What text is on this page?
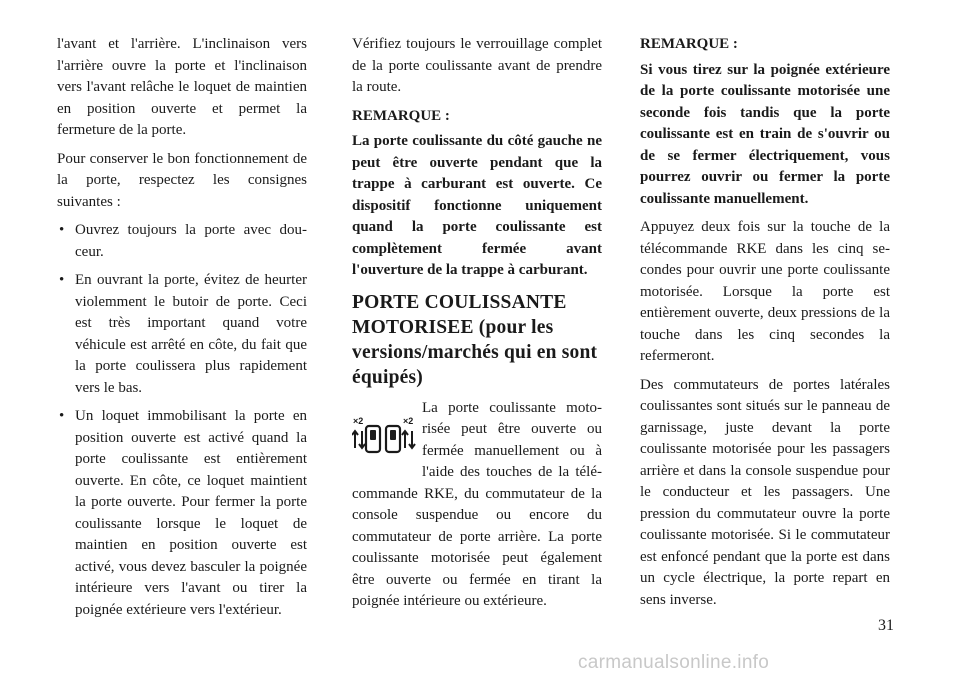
l'avant et l'arrière. L'inclinaison vers l'arrière ouvre la porte et l'inclinaison vers l'avant relâche le loquet de maintien en position ouverte et permet la fermeture de la porte.

Pour conserver le bon fonctionnement de la porte, respectez les consignes suivantes :

• Ouvrez toujours la porte avec douceur.
• En ouvrant la porte, évitez de heurter violemment le butoir de porte. Ceci est très important quand votre véhicule est arrêté en côte, du fait que la porte coulissera plus rapidement vers le bas.
• Un loquet immobilisant la porte en position ouverte est activé quand la porte coulissante est entièrement ouverte. En côte, ce loquet maintient la porte ouverte. Pour fermer la porte coulissante lorsque le loquet de maintien en position ouverte est activé, vous devez basculer la poignée intérieure vers l'avant ou tirer la poignée extérieure vers l'extérieur.

Vérifiez toujours le verrouillage complet de la porte coulissante avant de prendre la route.

REMARQUE :

La porte coulissante du côté gauche ne peut être ouverte pendant que la trappe à carburant est ouverte. Ce dispositif fonctionne uniquement quand la porte coulissante est complètement fermée avant l'ouverture de la trappe à carburant.

PORTE COULISSANTE MOTORISEE (pour les versions/marchés qui en sont équipés)
×2	×2

La porte coulissante motorisée peut être ouverte ou fermée manuellement ou à l'aide des touches de la télécommande RKE, du commutateur de la console suspendue ou encore du commutateur de porte arrière. La porte coulissante motorisée peut également être ouverte ou fermée en tirant la poignée intérieure ou extérieure.

REMARQUE :

Si vous tirez sur la poignée extérieure de la porte coulissante motorisée une seconde fois tandis que la porte coulissante est en train de s'ouvrir ou de se fermer électriquement, vous pourrez ouvrir ou fermer la porte coulissante manuellement.

Appuyez deux fois sur la touche de la télécommande RKE dans les cinq secondes pour ouvrir une porte coulissante motorisée. Lorsque la porte est entièrement ouverte, deux pressions de la touche dans les cinq secondes la refermeront.

Des commutateurs de portes latérales coulissantes sont situés sur le panneau de garnissage, juste devant la porte coulissante motorisée pour les passagers arrière et dans la console suspendue pour le conducteur et les passagers. Une pression du commutateur ouvre la porte coulissante motorisée. Si le commutateur est enfoncé pendant que la porte est dans un cycle électrique, la porte repart en sens inverse.

31
carmanualsonline.info
